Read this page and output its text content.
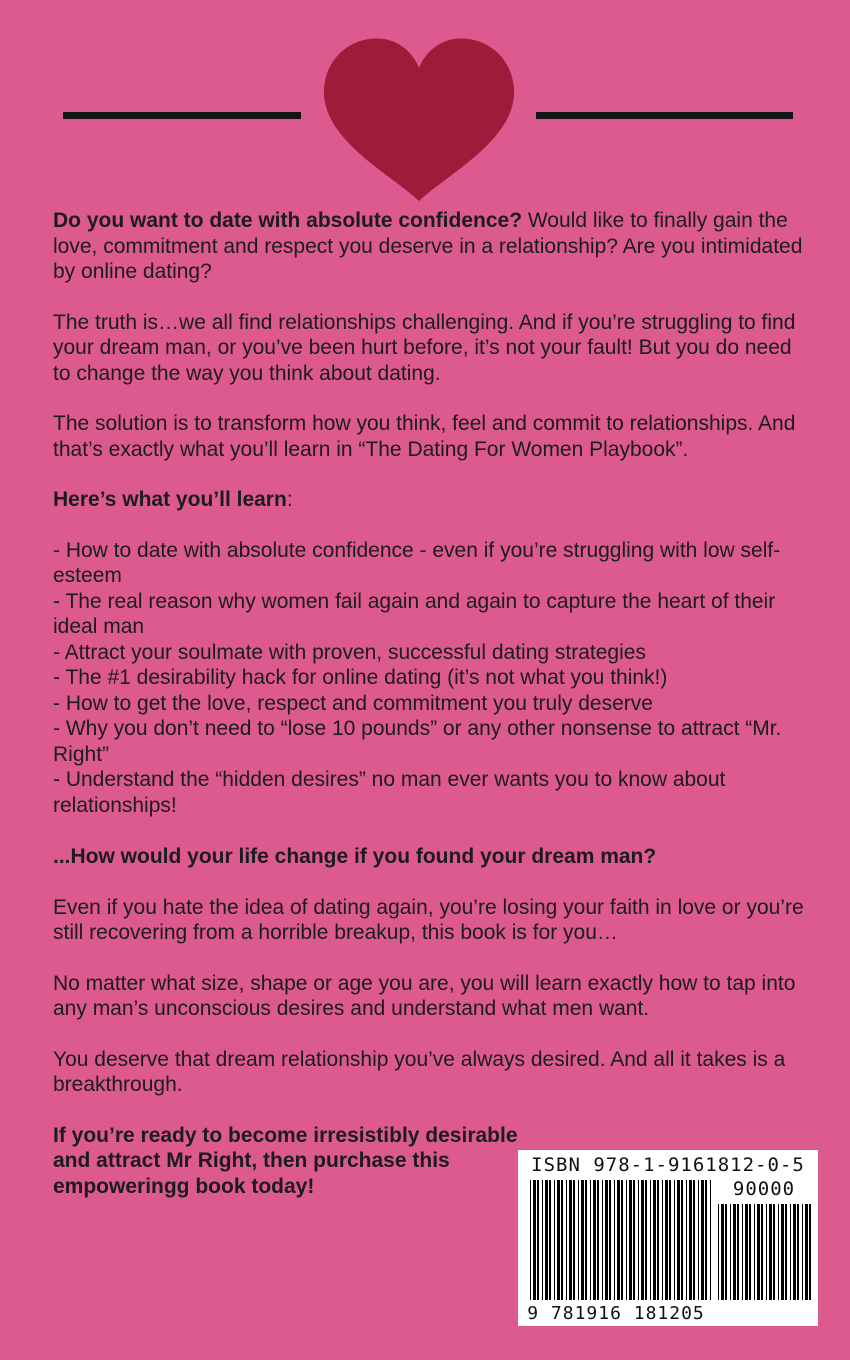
Do you want to date with absolute confidence? Would like to finally gain the love, commitment and respect you deserve in a relationship? Are you intimidated by online dating?

The truth is…we all find relationships challenging. And if you’re struggling to find your dream man, or you’ve been hurt before, it’s not your fault! But you do need to change the way you think about dating.

The solution is to transform how you think, feel and commit to relationships. And that’s exactly what you’ll learn in “The Dating For Women Playbook”.

Here’s what you’ll learn:

- How to date with absolute confidence - even if you’re struggling with low self-esteem
- The real reason why women fail again and again to capture the heart of their ideal man
- Attract your soulmate with proven, successful dating strategies
- The #1 desirability hack for online dating (it’s not what you think!)
- How to get the love, respect and commitment you truly deserve
- Why you don’t need to “lose 10 pounds” or any other nonsense to attract “Mr. Right”
- Understand the “hidden desires” no man ever wants you to know about relationships!

...How would your life change if you found your dream man?

Even if you hate the idea of dating again, you’re losing your faith in love or you’re still recovering from a horrible breakup, this book is for you…

No matter what size, shape or age you are, you will learn exactly how to tap into any man’s unconscious desires and understand what men want.

You deserve that dream relationship you’ve always desired. And all it takes is a breakthrough.

If you’re ready to become irresistibly desirable and attract Mr Right, then purchase this empoweringg book today!

ISBN 978-1-9161812-0-5
90000
9 781916 181205
